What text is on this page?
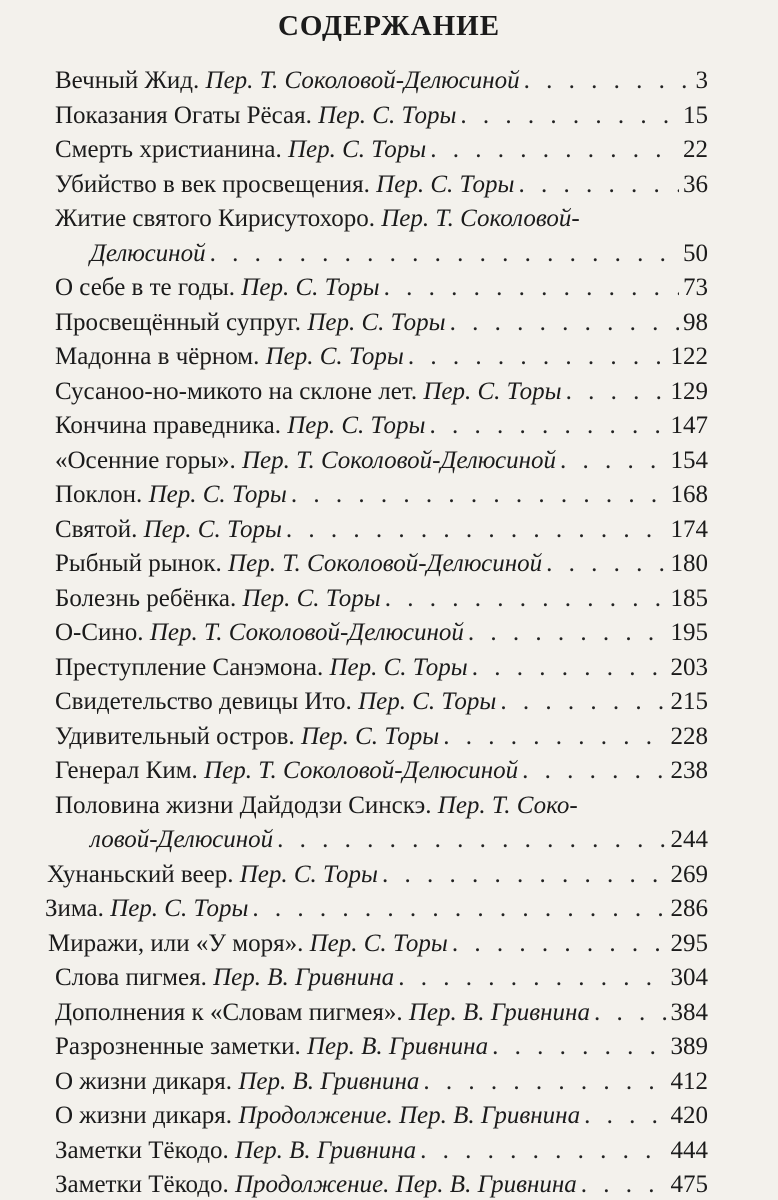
СОДЕРЖАНИЕ
Вечный Жид. Пер. Т. Соколовой-Делюсиной . . .	3
Показания Огаты Рёсая. Пер. С. Торы . . .	15
Смерть христианина. Пер. С. Торы . . .	22
Убийство в век просвещения. Пер. С. Торы . . .	36
Житие святого Кирисутохоро. Пер. Т. Соколовой-
Делюсиной . . .	50
О себе в те годы. Пер. С. Торы . . .	73
Просвещённый супруг. Пер. С. Торы . . .	98
Мадонна в чёрном. Пер. С. Торы . . .	122
Сусаноо-но-микото на склоне лет. Пер. С. Торы . . .	129
Кончина праведника. Пер. С. Торы . . .	147
«Осенние горы». Пер. Т. Соколовой-Делюсиной . . .	154
Поклон. Пер. С. Торы . . .	168
Святой. Пер. С. Торы . . .	174
Рыбный рынок. Пер. Т. Соколовой-Делюсиной . . .	180
Болезнь ребёнка. Пер. С. Торы . . .	185
О-Сино. Пер. Т. Соколовой-Делюсиной . . .	195
Преступление Санэмона. Пер. С. Торы . . .	203
Свидетельство девицы Ито. Пер. С. Торы . . .	215
Удивительный остров. Пер. С. Торы . . .	228
Генерал Ким. Пер. Т. Соколовой-Делюсиной . . .	238
Половина жизни Дайдодзи Синскэ. Пер. Т. Соко-
ловой-Делюсиной . . .	244
Хунаньский веер. Пер. С. Торы . . .	269
Зима. Пер. С. Торы . . .	286
Миражи, или «У моря». Пер. С. Торы . . .	295
Слова пигмея. Пер. В. Гривнина . . .	304
Дополнения к «Словам пигмея». Пер. В. Гривнина . . .	384
Разрозненные заметки. Пер. В. Гривнина . . .	389
О жизни дикаря. Пер. В. Гривнина . . .	412
О жизни дикаря. Продолжение. Пер. В. Гривнина . . .	420
Заметки Тёкодо. Пер. В. Гривнина . . .	444
Заметки Тёкодо. Продолжение. Пер. В. Гривнина . . .	475
